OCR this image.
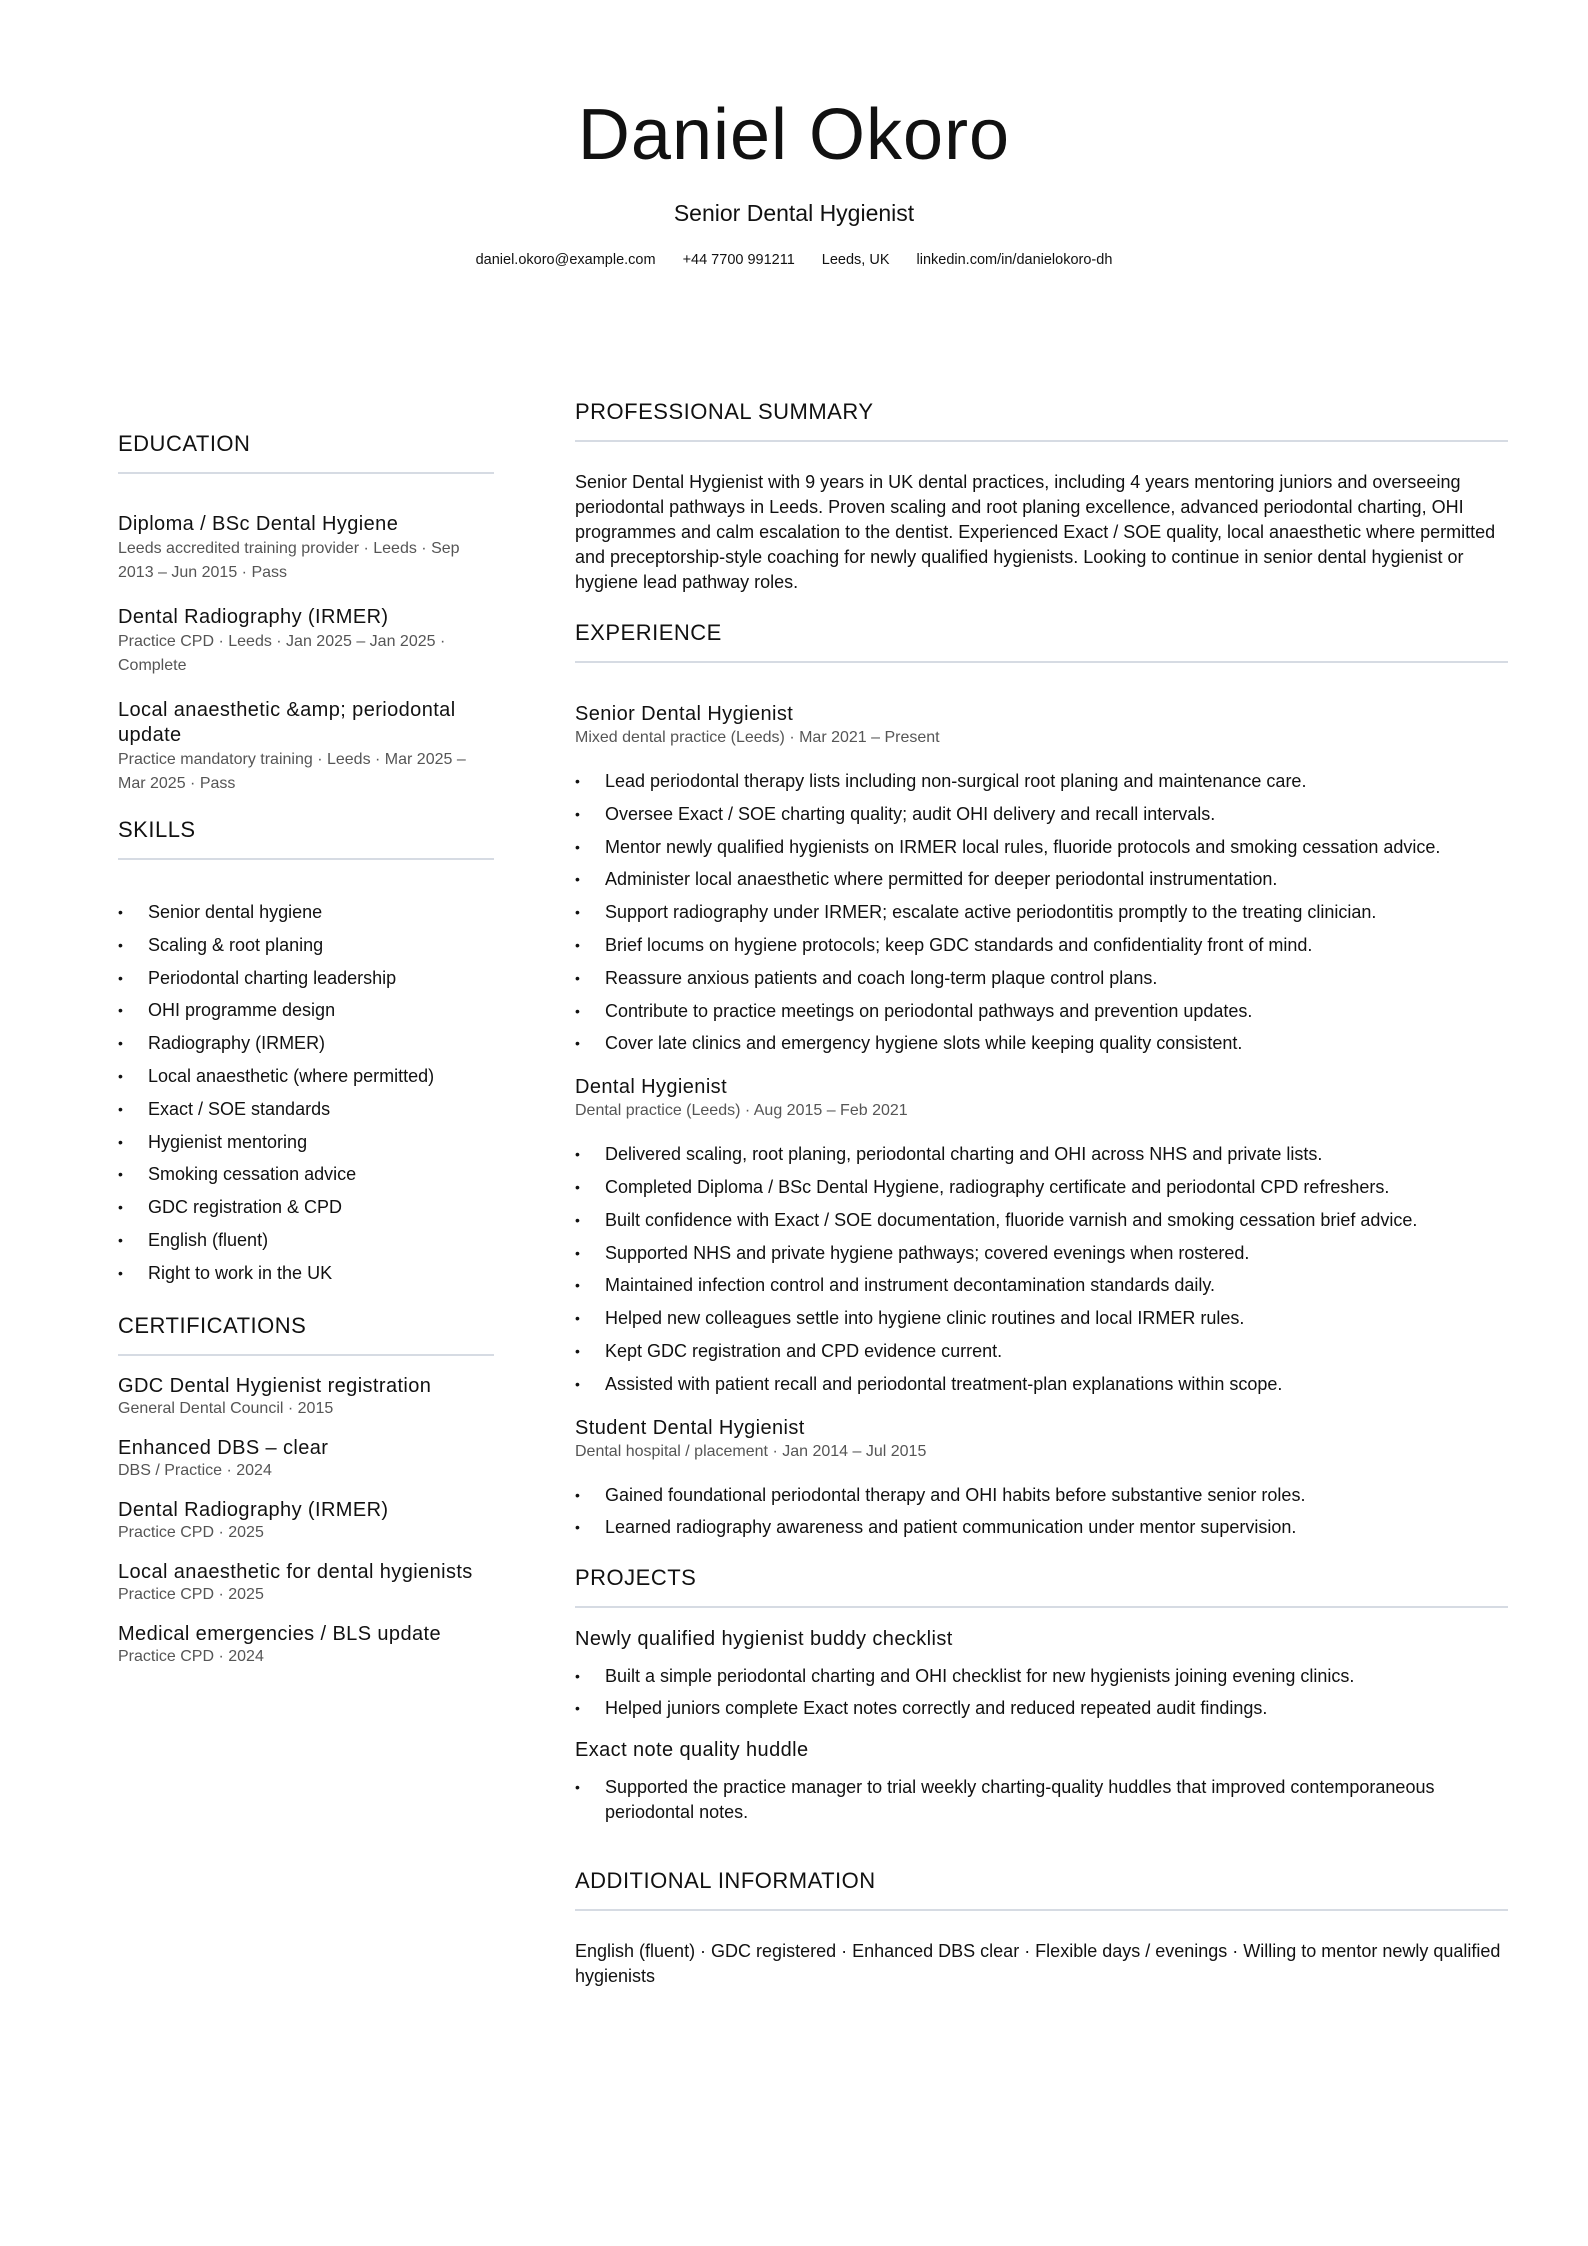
Daniel Okoro
Senior Dental Hygienist
daniel.okoro@example.com +44 7700 991211 Leeds, UK linkedin.com/in/danielokoro-dh
EDUCATION
Diploma / BSc Dental Hygiene
Leeds accredited training provider · Leeds · Sep 2013 – Jun 2015 · Pass
Dental Radiography (IRMER)
Practice CPD · Leeds · Jan 2025 – Jan 2025 · Complete
Local anaesthetic &amp; periodontal update
Practice mandatory training · Leeds · Mar 2025 – Mar 2025 · Pass
SKILLS
• Senior dental hygiene
• Scaling & root planing
• Periodontal charting leadership
• OHI programme design
• Radiography (IRMER)
• Local anaesthetic (where permitted)
• Exact / SOE standards
• Hygienist mentoring
• Smoking cessation advice
• GDC registration & CPD
• English (fluent)
• Right to work in the UK
CERTIFICATIONS
GDC Dental Hygienist registration
General Dental Council · 2015
Enhanced DBS – clear
DBS / Practice · 2024
Dental Radiography (IRMER)
Practice CPD · 2025
Local anaesthetic for dental hygienists
Practice CPD · 2025
Medical emergencies / BLS update
Practice CPD · 2024
PROFESSIONAL SUMMARY
Senior Dental Hygienist with 9 years in UK dental practices, including 4 years mentoring juniors and overseeing periodontal pathways in Leeds. Proven scaling and root planing excellence, advanced periodontal charting, OHI programmes and calm escalation to the dentist. Experienced Exact / SOE quality, local anaesthetic where permitted and preceptorship-style coaching for newly qualified hygienists. Looking to continue in senior dental hygienist or hygiene lead pathway roles.
EXPERIENCE
Senior Dental Hygienist
Mixed dental practice (Leeds) · Mar 2021 – Present
• Lead periodontal therapy lists including non-surgical root planing and maintenance care.
• Oversee Exact / SOE charting quality; audit OHI delivery and recall intervals.
• Mentor newly qualified hygienists on IRMER local rules, fluoride protocols and smoking cessation advice.
• Administer local anaesthetic where permitted for deeper periodontal instrumentation.
• Support radiography under IRMER; escalate active periodontitis promptly to the treating clinician.
• Brief locums on hygiene protocols; keep GDC standards and confidentiality front of mind.
• Reassure anxious patients and coach long-term plaque control plans.
• Contribute to practice meetings on periodontal pathways and prevention updates.
• Cover late clinics and emergency hygiene slots while keeping quality consistent.
Dental Hygienist
Dental practice (Leeds) · Aug 2015 – Feb 2021
• Delivered scaling, root planing, periodontal charting and OHI across NHS and private lists.
• Completed Diploma / BSc Dental Hygiene, radiography certificate and periodontal CPD refreshers.
• Built confidence with Exact / SOE documentation, fluoride varnish and smoking cessation brief advice.
• Supported NHS and private hygiene pathways; covered evenings when rostered.
• Maintained infection control and instrument decontamination standards daily.
• Helped new colleagues settle into hygiene clinic routines and local IRMER rules.
• Kept GDC registration and CPD evidence current.
• Assisted with patient recall and periodontal treatment-plan explanations within scope.
Student Dental Hygienist
Dental hospital / placement · Jan 2014 – Jul 2015
• Gained foundational periodontal therapy and OHI habits before substantive senior roles.
• Learned radiography awareness and patient communication under mentor supervision.
PROJECTS
Newly qualified hygienist buddy checklist
• Built a simple periodontal charting and OHI checklist for new hygienists joining evening clinics.
• Helped juniors complete Exact notes correctly and reduced repeated audit findings.
Exact note quality huddle
• Supported the practice manager to trial weekly charting-quality huddles that improved contemporaneous periodontal notes.
ADDITIONAL INFORMATION
English (fluent) · GDC registered · Enhanced DBS clear · Flexible days / evenings · Willing to mentor newly qualified hygienists
